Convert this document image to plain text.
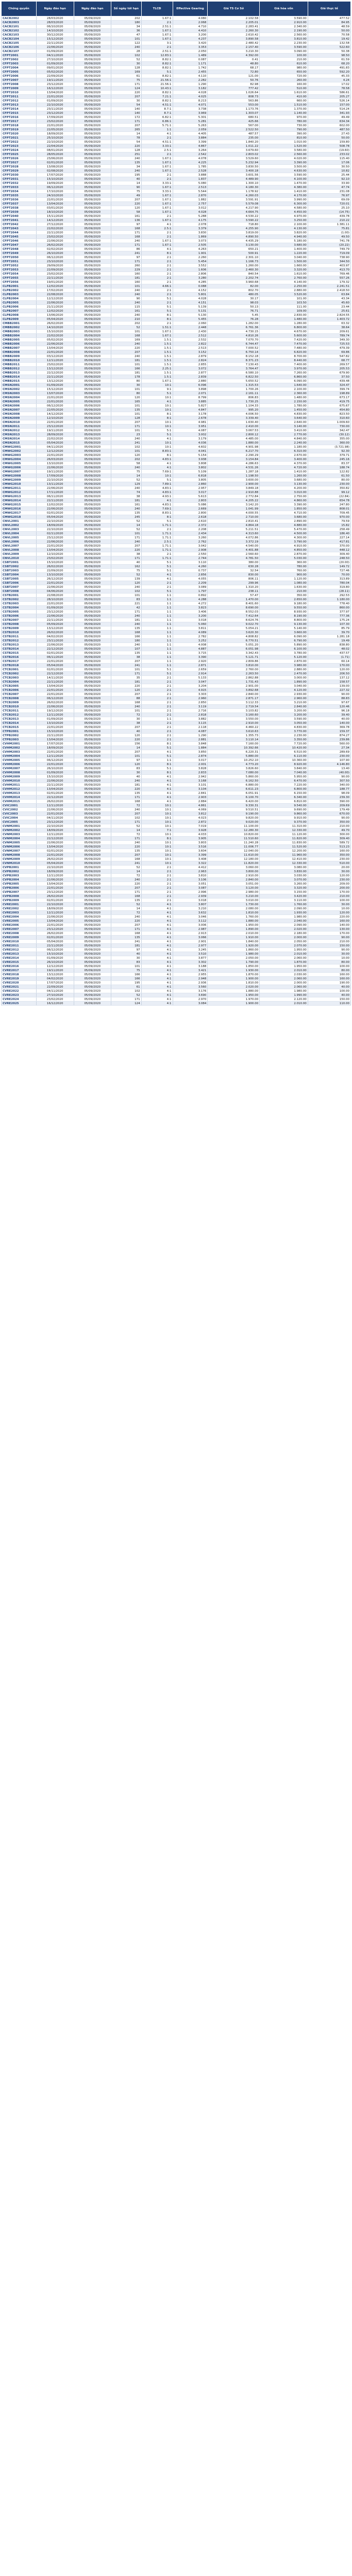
Chứng quyền	Ngày đáo hạn	Ngày đáo hạn	Số ngày tới hạn	TLCĐ	Effective Gearing	Giá TS Cơ Sở	Giá hòa vốn	Giá thực tế
CACB2002	28/03/2020	05/09/2020	202	1.67:1	4.080	2.102.58	3.590.00	477.52
CACB2003	28/03/2020	05/09/2020	180	2:1	2.068	2.205.01	2.910.00	84.95
CACB2101	06/10/2020	05/09/2020	34	2.51:1	4.710	2.283.41	2.340.00	48.59
CACB2102	14/10/2020	05/09/2020	36	1.67:1	4.410	2.260.30	2.190.00	50.00
CACB2103	30/12/2020	05/09/2020	47	1.67:1	3.200	2.610.42	2.560.00	70.58
CACB2104	15/12/2020	05/09/2020	101	1.67:1	4.237	3.890.58	3.810.00	19.42
CACB2105	22/11/2020	05/09/2020	122	3:1	3.420	2.480.42	2.230.00	132.58
CACB2106	22/06/2020	05/09/2020	240	2:1	3.353	2.157.40	3.590.00	522.60
CACB2107	01/09/2020	05/09/2020	28	2.51:1	2.050	3.210.30	3.090.00	50.38
CFPT2001	04/11/2020	05/09/2020	102	12.83:1	1.489	4.392.00	100.00	98.50
CFPT2002	27/10/2020	05/09/2020	52	8.82:1	0.087	0.41	210.00	61.59
CFPT2003	01/09/2020	05/09/2020	30	8.82:1	1.171	48.80	610.00	68.20
CFPT2004	09/01/2020	05/09/2020	128	8.82:1	1.742	68.17	980.00	491.83
CFPT2005	05/02/2020	05/09/2020	169	5:1	2.455	72.80	650.00	592.20
CFPT2006	22/09/2020	05/09/2020	61	8.82:1	4.110	121.00	720.00	45.33
CFPT2007	19/11/2020	05/09/2020	75	21.56:1	2.282	50.76	260.00	4.24
CFPT2008	23/12/2020	05/09/2020	171	21.56:1	1.290	82.98	160.00	17.02
CFPT2009	16/12/2020	05/09/2020	124	10.43:1	3.182	777.42	510.00	78.58
CFPT2010	13/04/2020	05/09/2020	220	8.82:1	4.028	1.026.64	1.610.00	586.61
CFPT2011	22/01/2020	05/09/2020	207	7.21:1	4.025	808.73	410.00	205.27
CFPT2012	01/09/2020	05/09/2020	30	8.82:1	8.213	563.86	660.00	526.14
CFPT2013	22/10/2020	05/09/2020	54	4.51:1	4.071	553.00	1.510.00	157.00
CFPT2014	23/11/2020	05/09/2020	140	8.7:1	3.738	1.173.76	1.370.00	514.24
CFPT2015	23/12/2020	05/09/2020	140	8.7:1	3.969	1.303.07	1.140.00	341.93
CFPT2016	17/09/2020	05/09/2020	172	6.82:1	5.301	680.51	970.00	49.49
CFPT2017	23/02/2020	05/09/2020	171	6.86:1	5.281	425.66	780.00	634.34
CFPT2018	22/01/2020	05/09/2020	207	5.71:1	5.263	567.00	730.00	602.00
CFPT2019	22/05/2020	05/09/2020	265	1:1	2.059	2.522.50	790.00	487.50
CFPT2020	18/09/2020	05/09/2020	14	4:1	4.405	487.57	390.00	27.43
CFPT2021	25/10/2020	05/09/2020	78	2:1	3.884	235.00	810.00	50.00
CFPT2022	22/10/2020	05/09/2020	54	4.51:1	3.399	1.840.20	1.010.00	159.80
CFPT2023	22/04/2020	05/09/2020	220	3.33:1	4.867	1.011.22	1.520.00	508.78
CFPT2024	08/01/2020	05/09/2020	128	2.5:1	3.264	3.679.60	3.580.00	(19.60)
CFPT2025	28/05/2020	05/09/2020	251	2:1	2.542	2.803.02	2.560.00	233.02
CFPT2026	23/06/2020	05/09/2020	240	1.67:1	4.078	3.529.60	4.020.00	115.40
CFPT2027	02/01/2020	05/09/2020	135	1.67:1	4.225	5.232.94	3.390.00	17.06
CFPT2028	13/08/2020	05/09/2020	34	1.67:1	1.785	3.830.50	3.500.00	30.50
CFPT2029	02/08/2020	05/09/2020	240	1.67:1	2.528	3.400.18	4.630.00	10.82
CFPT2030	17/07/2020	05/09/2020	195	2:1	3.888	3.601.56	3.590.00	25.44
CFPT2031	15/10/2020	05/09/2020	40	2:1	1.837	4.489.90	4.100.00	92.10
CFPT2032	19/09/2020	05/09/2020	14	3.33:1	5.080	1.300.10	1.470.00	33.90
CFPT2033	06/12/2020	05/09/2020	90	1.67:1	2.513	4.180.30	4.380.00	47.74
CFPT2034	17/10/2020	05/09/2020	75	3.33:1	5.544	1.178.92	1.410.00	231.08
CFPT2035	24/10/2020	05/09/2020	49	1.67:1	2.870	4.260.03	4.170.00	76.97
CFPT2036	22/01/2020	05/09/2020	207	1.67:1	1.882	3.591.91	3.990.00	69.09
CFPT2037	13/04/2020	05/09/2020	220	1.67:1	2.757	5.579.08	6.300.00	720.01
CFPT2038	03/01/2020	05/09/2020	120	1.67:1	3.012	4.217.90	4.580.00	25.10
CFPT2039	18/10/2020	05/09/2020	58	1.67:1	4.028	4.664.75	4.450.00	(14.75)
CFPT2040	15/11/2020	05/09/2020	161	2:1	5.288	4.530.22	4.970.00	439.78
CFPT2041	14/12/2020	05/09/2020	136	1.67:1	4.175	3.590.22	3.250.00	210.22
CFPT2042	27/12/2020	05/09/2020	97	4:1	2.078	718.80	2.100.00	1.381.11
CFPT2043	22/02/2020	05/09/2020	168	2.5:1	3.379	4.255.90	4.130.00	75.81
CFPT2044	22/11/2020	05/09/2020	171	2:1	3.830	3.819.00	3.820.00	(1.00)
CFPT2045	23/02/2020	05/09/2020	168	2:1	1.869	4.890.50	4.940.00	49.50
CFPT2046	22/06/2020	05/09/2020	240	1.67:1	3.073	4.435.29	5.180.00	741.78
CFPT2047	26/02/2020	05/09/2020	171	1.67:1	2.505	3.130.00	3.680.00	(20.22)
CFPT2048	02/02/2020	05/09/2020	86	4:1	4.263	650.21	1.400.00	749.79
CFPT2049	26/10/2020	05/09/2020	241	8:1	1.901	500.91	1.220.00	719.09
CFPT2050	06/12/2020	05/09/2020	97	2:1	2.260	2.301.10	3.040.00	738.90
CFPT2051	23/10/2020	05/09/2020	171	2:1	5.454	1.166.73	1.500.00	344.50
CFPT2052	29/09/2020	05/09/2020	260	2:1	3.552	1.260.00	1.660.00	403.97
CFPT2053	22/09/2020	05/09/2020	229	2:1	1.606	2.460.30	3.320.00	413.70
CFPT2054	23/02/2020	05/09/2020	160	2:1	2.806	840.54	1.610.00	769.46
CFPT2055	22/11/2020	05/09/2020	181	2:1	3.280	2.202.74	2.760.00	557.26
CFPT2056	19/01/2020	05/09/2020	160	2:1	4.285	3.960.68	4.140.00	179.32
CLPB2001	12/02/2020	05/09/2020	101	4.66:1	0.088	82.00	2.250.00	2.241.51
CLPB2002	17/02/2020	05/09/2020	240	2:1	4.152	802.70	2.880.00	2.418.50
CLPB2003	22/08/2020	05/09/2020	240	2:1	5.801	480.05	3.520.00	63.84
CLPB2004	12/12/2020	05/09/2020	90	5:1	4.028	30.17	101.00	43.34
CLPB2005	22/06/2020	05/09/2020	240	2:1	4.151	98.03	103.50	45.60
CLPB2006	21/11/2020	05/09/2020	115	5:1	5.139	50.13	111.00	23.44
CLPB2007	12/02/2020	05/09/2020	161	5:1	5.131	76.71	109.00	25.61
CLPB2008	13/06/2020	05/09/2020	240	8:1	5.130	5.45	2.830.00	2.824.55
CLPB2009	05/04/2020	05/09/2020	210	8:1	5.455	76.28	1.480.00	1.403.72
CMBB2001	26/02/2020	05/09/2020	202	2:1	2.060	1.282.00	1.280.00	63.32
CMBB2002	14/10/2020	05/09/2020	52	1.51:1	2.448	6.761.36	6.800.00	38.64
CMBB2003	15/10/2020	05/09/2020	101	1.67:1	2.430	4.730.15	4.670.00	209.61
CMBB2004	22/02/2020	05/09/2020	168	1.67:1	2.512	4.810.26	5.600.00	789.74
CMBB2005	05/02/2020	05/09/2020	169	1.5:1	2.532	7.070.70	7.420.00	349.30
CMBB2006	22/06/2020	05/09/2020	240	1.5:1	2.822	6.744.47	7.470.00	725.53
CMBB2007	13/04/2020	05/09/2020	220	1.5:1	2.513	7.000.52	7.480.00	479.39
CMBB2008	22/01/2020	05/09/2020	207	1.5:1	3.152	6.750.14	6.820.00	69.86
CMBB2009	03/12/2020	05/09/2020	240	1.5:1	2.879	8.152.18	8.700.00	547.82
CMBB2010	12/11/2020	05/09/2020	181	1.5:1	2.824	8.371.23	8.440.00	68.77
CMBB2011	23/02/2020	05/09/2020	101	1.5:1	2.855	7.130.43	7.400.00	269.57
CMBB2012	13/12/2020	05/09/2020	166	2.25:1	3.072	3.764.47	3.970.00	205.53
CMBB2013	22/12/2020	05/09/2020	181	1.5:1	2.877	6.580.10	7.260.00	679.90
CMBB2014	22/11/2020	05/09/2020	178	1.5:1	2.839	6.822.50	6.860.00	37.50
CMBB2015	13/12/2020	05/09/2020	80	1.67:1	2.880	5.650.52	6.090.00	439.48
CMSN2001	01/09/2020	05/09/2020	30	10:1	6.096	1.315.53	1.640.00	324.47
CMSN2002	15/12/2020	05/09/2020	101	9:1	3.898	1.700.26	2.100.00	399.74
CMSN2003	13/07/2020	05/09/2020	80	5:1	2.071	2.161.11	2.360.00	198.89
CMSN2004	22/01/2020	05/09/2020	120	10:1	8.799	806.83	1.480.00	673.17
CMSN2005	22/01/2020	05/09/2020	165	4:1	3.885	1.730.25	2.150.00	419.75
CMSN2006	06/12/2020	05/09/2020	101	10:1	5.827	1.104.33	1.780.00	675.67
CMSN2007	22/05/2020	05/09/2020	135	10:1	4.847	995.20	1.450.00	454.80
CMSN2008	14/12/2020	05/09/2020	101	8:1	3.178	4.006.50	4.830.00	823.50
CMSN2009	12/10/2020	05/09/2020	128	8:1	2.678	3.339.40	3.640.00	310.60
CMSN2010	22/01/2020	05/09/2020	207	10:1	4.981	1.630.40	2.640.00	1.009.60
CMSN2011	23/12/2020	05/09/2020	171	10:1	3.951	2.410.00	3.140.00	730.00
CMSN2012	19/11/2020	05/09/2020	101	5:1	4.087	3.067.53	3.410.00	342.47
CMSN2013	28/09/2020	05/09/2020	23	5:1	3.002	2.800.12	2.770.00	(30.12)
CMSN2014	22/02/2020	05/09/2020	240	4:1	3.179	4.485.00	4.840.00	355.00
CMSN2015	05/04/2020	05/09/2020	241	10:1	4.036	1.880.00	2.240.00	360.00
CMWG2001	04/11/2020	05/09/2020	102	10:1	4.602	4.901.98	1.180.00	(3.721.98)
CMWG2002	12/12/2020	05/09/2020	101	8.83:1	4.041	6.217.70	6.310.00	92.30
CMWG2003	22/01/2020	05/09/2020	120	8:1	5.154	2.290.29	2.670.00	379.71
CMWG2004	26/03/2020	05/09/2020	202	4.83:1	3.938	3.154.84	3.400.00	245.16
CMWG2005	13/10/2020	05/09/2020	58	4:1	3.808	4.286.63	4.370.00	83.37
CMWG2006	22/06/2020	05/09/2020	240	4:1	3.802	4.531.26	4.720.00	188.74
CMWG2007	19/11/2020	05/09/2020	75	7.69:1	5.109	1.287.18	1.410.00	122.82
CMWG2008	17/09/2020	05/09/2020	14	10:1	6.818	1.198.50	1.260.00	61.50
CMWG2009	22/10/2020	05/09/2020	52	5:1	3.805	3.600.00	3.680.00	80.00
CMWG2010	13/11/2020	05/09/2020	129	7.89:1	2.860	2.900.00	3.130.00	230.00
CMWG2011	22/06/2020	05/09/2020	240	4.83:1	2.957	3.849.18	4.200.00	350.82
CMWG2012	17/11/2020	05/09/2020	74	4.83:1	3.017	2.910.88	3.010.00	99.12
CMWG2013	06/11/2020	05/09/2020	38	4.93:1	5.613	2.772.84	2.750.00	(22.84)
CMWG2014	22/11/2020	05/09/2020	181	4:1	2.803	4.205.22	4.860.00	654.78
CMWG2015	12/02/2020	05/09/2020	161	4.83:1	5.086	3.142.20	3.390.00	247.80
CMWG2016	22/06/2020	05/09/2020	240	7.69:1	2.669	1.041.99	1.850.00	808.01
CMWG2017	02/01/2020	05/09/2020	135	8.83:1	2.800	4.000.55	4.710.00	709.45
CMWG2018	05/04/2020	05/09/2020	245	8:1	2.618	2.710.00	3.680.00	970.00
CNVL2001	22/10/2020	05/09/2020	52	5:1	2.610	2.810.41	2.890.00	79.59
CNVL2002	18/09/2020	05/09/2020	14	1.71:1	2.372	4.864.18	4.880.00	15.82
CNVL2003	22/10/2020	05/09/2020	52	2:1	2.208	5.211.51	5.470.00	258.49
CNVL2004	02/11/2020	05/09/2020	101	1.71:1	2.434	4.313.60	4.500.00	186.40
CNVL2005	23/12/2020	05/09/2020	171	1.71:1	3.260	4.072.86	4.300.00	227.14
CNVL2006	22/06/2020	05/09/2020	240	2.5:1	2.762	3.372.19	3.790.00	417.81
CNVL2007	22/01/2020	05/09/2020	207	1.71:1	3.042	4.540.00	4.910.00	370.00
CNVL2008	13/04/2020	05/09/2020	220	1.71:1	2.908	4.401.88	4.850.00	448.12
CNVL2009	12/10/2020	05/09/2020	38	2:1	2.550	2.560.60	2.870.00	309.40
CNVL2010	23/02/2020	05/09/2020	171	1.71:1	2.744	4.781.50	5.030.00	248.50
CSBT2001	15/10/2020	05/09/2020	40	5:1	3.110	380.00	360.00	(20.00)
CSBT2002	26/02/2020	05/09/2020	162	5:1	4.260	630.28	780.00	149.72
CSBT2003	22/09/2020	05/09/2020	75	5:1	0.737	32.54	760.00	727.46
CSBT2004	13/10/2020	05/09/2020	52	4:1	2.856	830.00	900.00	70.00
CSBT2005	26/12/2020	05/09/2020	139	4:1	4.055	806.11	1.120.00	313.89
CSBT2006	22/01/2020	05/09/2020	120	2:1	2.209	299.96	1.080.00	780.04
CSBT2007	22/06/2020	05/09/2020	240	2:1	3.089	1.310.20	1.630.00	319.80
CSBT2008	04/06/2020	05/09/2020	102	5:1	1.797	238.11	210.00	(28.11)
CSTB2001	22/08/2020	05/09/2020	101	1:1	0.892	57.47	350.00	292.53
CSTB2002	28/10/2020	05/09/2020	83	1:1	4.288	1.470.00	2.650.00	1.180.00
CSTB2003	22/01/2020	05/09/2020	221	1:1	4.272	8.401.60	9.180.00	778.40
CSTB2004	01/09/2020	05/09/2020	42	1:1	3.823	8.690.00	9.550.00	860.00
CSTB2005	23/12/2020	05/09/2020	171	1:1	3.406	8.552.03	8.930.00	377.97
CSTB2006	22/06/2020	05/09/2020	240	1:1	3.200	7.412.64	8.190.00	777.36
CSTB2007	22/11/2020	05/09/2020	181	1:1	3.018	8.624.76	8.800.00	175.24
CSTB2008	05/09/2020	05/09/2020	240	1:1	5.060	9.022.70	9.130.00	107.30
CSTB2009	13/12/2020	05/09/2020	135	1:1	3.811	5.054.21	5.140.00	85.79
CSTB2010	26/02/2020	05/09/2020	168	1:1	4.089	3.620.30	3.660.00	39.70
CSTB2011	04/02/2020	05/09/2020	166	1:1	2.782	4.808.82	6.090.00	1.281.18
CSTB2012	23/11/2020	05/09/2020	180	1:1	3.252	6.770.51	6.790.00	19.49
CSTB2013	22/06/2020	05/09/2020	240	1:1	4.008	5.051.20	5.890.00	838.80
CSTB2014	22/12/2020	05/09/2020	107	1:1	4.887	6.051.98	6.100.00	48.02
CSTB2015	02/01/2020	05/09/2020	135	1:1	3.715	3.342.43	3.780.00	437.57
CSTB2016	06/11/2020	05/09/2020	38	1:1	3.390	5.121.71	5.120.00	(1.71)
CSTB2017	22/01/2020	05/09/2020	207	1:1	2.920	2.809.86	2.870.00	60.14
CSTB2018	05/04/2020	05/09/2020	241	1:1	2.871	3.810.00	3.980.00	170.00
CTCB2001	02/01/2020	05/09/2020	101	5:1	2.659	2.760.00	2.880.00	120.00
CTCB2002	22/12/2020	05/09/2020	171	5:1	2.914	2.263.50	2.470.00	206.50
CTCB2003	14/11/2020	05/09/2020	35	2:1	5.133	2.862.88	3.000.00	137.12
CTCB2004	22/11/2020	05/09/2020	181	2:1	3.047	1.731.43	1.890.00	158.57
CTCB2005	13/04/2020	05/09/2020	220	2:1	3.204	2.901.00	3.040.00	139.00
CTCB2006	22/01/2020	05/09/2020	120	2:1	4.915	3.892.68	4.120.00	227.32
CTCB2007	22/01/2020	05/09/2020	207	2:1	3.303	2.840.00	2.930.00	90.00
CTCB2008	06/12/2020	05/09/2020	88	2:1	2.960	2.871.17	2.960.00	88.83
CTCB2009	26/02/2020	05/09/2020	168	2:1	2.850	3.112.33	3.210.00	97.67
CTCB2010	22/06/2020	05/09/2020	240	2:1	3.119	2.719.54	2.840.00	120.46
CTCB2011	19/12/2020	05/09/2020	101	2:1	2.716	3.103.82	3.200.00	96.18
CTCB2012	12/11/2020	05/09/2020	72	2:1	2.818	3.160.60	3.200.00	39.40
CTCB2013	01/09/2020	05/09/2020	30	1:1	3.882	3.550.00	3.590.00	40.00
CTCB2014	13/10/2020	05/09/2020	38	2:1	3.115	2.910.00	3.050.00	140.00
CTCB2015	22/01/2020	05/09/2020	207	2:1	2.118	4.460.22	4.830.00	369.78
CTPB2001	15/10/2020	05/09/2020	40	2:1	4.087	3.610.63	3.770.00	159.37
CTPB2002	22/11/2020	05/09/2020	120	2:1	1.290	1.355.73	2.230.00	874.27
CTPB2003	13/04/2020	05/09/2020	220	2:1	2.881	3.110.14	3.350.00	239.86
CVHM2001	17/07/2020	05/09/2020	156	8:1	3.848	7.160.00	7.720.00	560.00
CVHM2002	18/09/2020	05/09/2020	14	5:1	1.884	10.392.66	10.420.00	27.34
CVHM2003	22/01/2020	05/09/2020	207	4:1	3.850	6.220.31	6.510.00	289.69
CVHM2004	12/11/2020	05/09/2020	101	5:1	2.874	5.880.00	6.110.00	230.00
CVHM2005	06/12/2020	05/09/2020	97	1:1	3.017	10.252.10	10.360.00	107.90
CVHM2006	22/01/2020	05/09/2020	120	8:1	2.001	4.773.20	8.920.00	4.146.80
CVHM2007	26/10/2020	05/09/2020	83	5:1	3.828	3.826.60	3.840.00	13.40
CVHM2008	01/09/2020	05/09/2020	30	8:1	2.833	7.080.00	7.040.00	(40.00)
CVHM2009	15/10/2020	05/09/2020	40	4:1	2.942	5.860.00	5.950.00	90.00
CVHM2010	22/06/2020	05/09/2020	240	4:1	3.168	6.162.50	6.470.00	307.50
CVHM2011	22/11/2020	05/09/2020	181	4:1	3.101	6.880.00	7.220.00	340.00
CVHM2012	13/04/2020	05/09/2020	220	4:1	3.104	6.611.23	6.800.00	188.77
CVHM2013	02/01/2020	05/09/2020	135	4:1	2.841	6.051.91	6.150.00	98.09
CVHM2014	22/12/2020	05/09/2020	171	4:1	2.903	6.100.70	6.340.00	239.30
CVHM2015	26/02/2020	05/09/2020	168	4:1	2.884	6.420.00	6.810.00	390.00
CVIC2001	12/11/2020	05/09/2020	72	10:1	4.861	9.330.31	9.540.00	209.69
CVIC2002	22/06/2020	05/09/2020	240	10:1	4.069	9.510.51	9.690.00	179.49
CVIC2003	22/01/2020	05/09/2020	207	10:1	3.812	9.190.00	9.860.00	670.00
CVIC2004	04/11/2020	05/09/2020	102	10:1	4.023	9.820.00	9.910.00	90.00
CVIC2005	23/12/2020	05/09/2020	171	10:1	2.872	9.020.00	9.370.00	350.00
CVNM2001	22/10/2020	05/09/2020	52	10:1	7.019	11.100.00	11.310.00	210.00
CVNM2002	18/09/2020	05/09/2020	14	7:1	3.928	12.280.30	12.330.00	49.70
CVNM2003	12/11/2020	05/09/2020	72	10:1	4.033	10.820.00	11.120.00	300.00
CVNM2004	22/12/2020	05/09/2020	171	8:1	3.905	11.510.60	11.820.00	309.40
CVNM2005	22/06/2020	05/09/2020	240	10:1	3.803	11.240.28	11.830.00	589.72
CVNM2006	13/04/2020	05/09/2020	220	10:1	3.516	11.006.77	11.520.00	513.23
CVNM2007	02/01/2020	05/09/2020	135	10:1	3.604	12.040.00	12.200.00	160.00
CVNM2008	22/01/2020	05/09/2020	207	10:1	3.399	11.610.00	11.960.00	350.00
CVNM2009	26/02/2020	05/09/2020	168	10:1	3.408	12.180.00	12.410.00	230.00
CVNM2010	05/04/2020	05/09/2020	241	10:1	3.322	11.820.00	12.330.00	510.00
CVPB2001	22/10/2020	05/09/2020	52	2:1	4.412	3.060.00	3.080.00	20.00
CVPB2002	18/09/2020	05/09/2020	14	2:1	2.963	3.800.00	3.830.00	30.00
CVPB2003	12/11/2020	05/09/2020	72	2:1	3.810	2.910.00	3.030.00	120.00
CVPB2004	22/06/2020	05/09/2020	240	2:1	3.106	2.840.00	3.070.00	230.00
CVPB2005	13/04/2020	05/09/2020	220	2:1	3.051	3.051.00	3.260.00	209.00
CVPB2006	22/01/2020	05/09/2020	207	2:1	3.087	3.120.00	3.320.00	200.00
CVPB2007	23/12/2020	05/09/2020	171	2:1	2.996	2.980.00	3.150.00	170.00
CVPB2008	26/02/2020	05/09/2020	168	2:1	2.939	3.210.00	3.420.00	210.00
CVPB2009	02/01/2020	05/09/2020	135	2:1	3.018	3.010.00	3.110.00	100.00
CVRE2001	22/10/2020	05/09/2020	52	4:1	3.807	1.730.00	1.760.00	30.00
CVRE2002	18/09/2020	05/09/2020	14	4:1	3.210	2.080.00	2.090.00	10.00
CVRE2003	12/11/2020	05/09/2020	72	4:1	3.632	1.810.00	1.930.00	120.00
CVRE2004	22/06/2020	05/09/2020	240	4:1	3.046	1.760.00	1.980.00	220.00
CVRE2005	13/04/2020	05/09/2020	220	4:1	3.112	1.880.00	2.040.00	160.00
CVRE2006	22/01/2020	05/09/2020	207	4:1	3.006	1.950.00	2.090.00	140.00
CVRE2007	23/12/2020	05/09/2020	171	4:1	2.987	1.890.00	2.020.00	130.00
CVRE2008	26/02/2020	05/09/2020	168	4:1	2.913	2.010.00	2.180.00	170.00
CVRE2009	02/01/2020	05/09/2020	135	4:1	3.066	1.910.00	2.000.00	90.00
CVRE2010	05/04/2020	05/09/2020	241	4:1	2.901	1.840.00	2.050.00	210.00
CVRE2011	22/11/2020	05/09/2020	181	4:1	2.977	1.920.00	2.070.00	150.00
CVRE2012	06/12/2020	05/09/2020	97	4:1	3.245	1.860.00	1.950.00	90.00
CVRE2013	15/10/2020	05/09/2020	40	4:1	3.510	1.980.00	2.010.00	30.00
CVRE2014	01/09/2020	05/09/2020	30	4:1	3.877	2.050.00	2.060.00	10.00
CVRE2015	26/10/2020	05/09/2020	83	4:1	3.302	1.790.00	1.870.00	80.00
CVRE2016	12/12/2020	05/09/2020	101	4:1	3.188	1.850.00	1.950.00	100.00
CVRE2017	19/11/2020	05/09/2020	75	4:1	3.421	1.930.00	2.010.00	80.00
CVRE2018	13/12/2020	05/09/2020	166	4:1	2.955	1.870.00	2.030.00	160.00
CVRE2019	04/02/2020	05/09/2020	166	4:1	2.948	1.900.00	2.060.00	160.00
CVRE2020	17/07/2020	05/09/2020	195	4:1	2.936	1.810.00	2.000.00	190.00
CVRE2021	22/09/2020	05/09/2020	61	4:1	3.560	2.020.00	2.060.00	40.00
CVRE2022	04/11/2020	05/09/2020	102	4:1	3.176	1.880.00	1.980.00	100.00
CVRE2023	27/10/2020	05/09/2020	52	4:1	3.690	1.950.00	1.990.00	40.00
CVRE2024	23/02/2020	05/09/2020	171	4:1	2.970	1.970.00	2.120.00	150.00
CVRE2025	16/12/2020	05/09/2020	124	4:1	3.084	1.900.00	2.010.00	110.00
